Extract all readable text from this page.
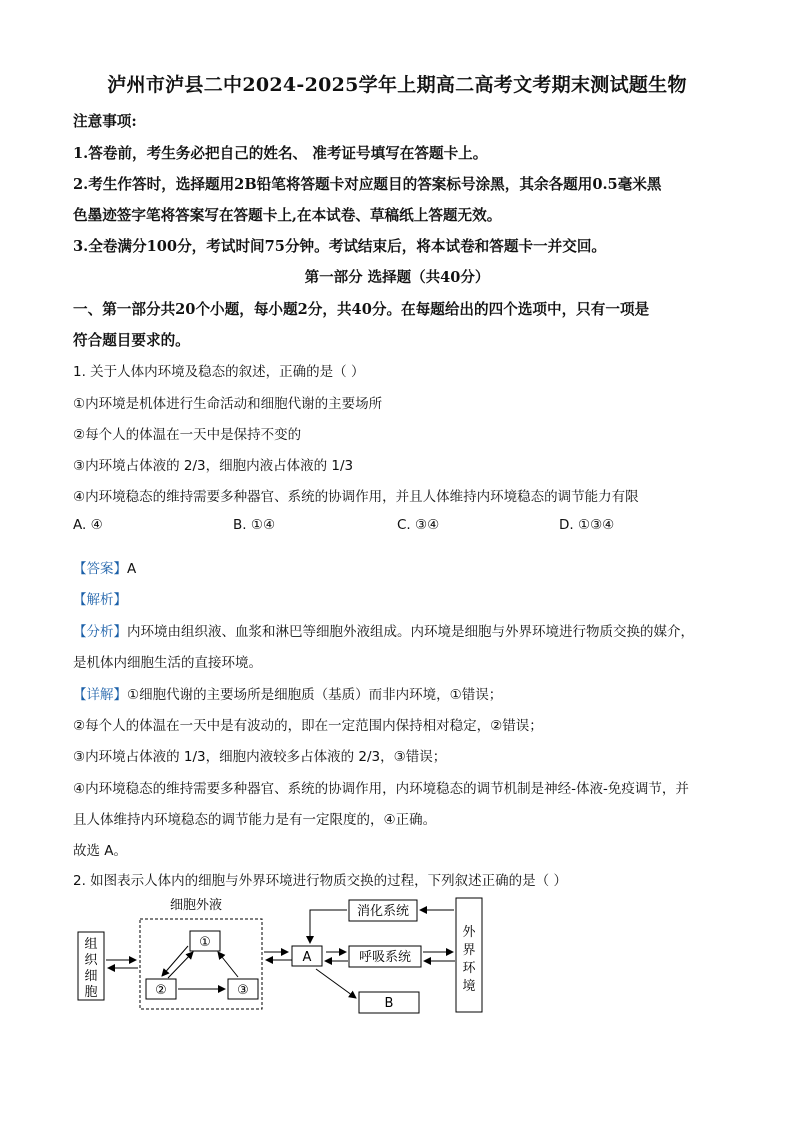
泸州市泸县二中2024-2025学年上期高二高考文考期末测试题生物
注意事项:
1.答卷前，考生务必把自己的姓名、 准考证号填写在答题卡上。
2.考生作答时，选择题用2B铅笔将答题卡对应题目的答案标号涂黑，其余各题用0.5毫米黑
色墨迹签字笔将答案写在答题卡上,在本试卷、草稿纸上答题无效。
3.全卷满分100分，考试时间75分钟。考试结束后，将本试卷和答题卡一并交回。
第一部分 选择题（共40分）
一、第一部分共20个小题，每小题2分，共40分。在每题给出的四个选项中，只有一项是
符合题目要求的。
1. 关于人体内环境及稳态的叙述，正确的是（ ）
①内环境是机体进行生命活动和细胞代谢的主要场所
②每个人的体温在一天中是保持不变的
③内环境占体液的 2/3，细胞内液占体液的 1/3
④内环境稳态的维持需要多种器官、系统的协调作用，并且人体维持内环境稳态的调节能力有限
A. ④	B. ①④	C. ③④	D. ①③④
【答案】A
【解析】
【分析】内环境由组织液、血浆和淋巴等细胞外液组成。内环境是细胞与外界环境进行物质交换的媒介，
是机体内细胞生活的直接环境。
【详解】①细胞代谢的主要场所是细胞质（基质）而非内环境，①错误；
②每个人的体温在一天中是有波动的，即在一定范围内保持相对稳定，②错误；
③内环境占体液的 1/3，细胞内液较多占体液的 2/3，③错误；
④内环境稳态的维持需要多种器官、系统的协调作用，内环境稳态的调节机制是神经-体液-免疫调节，并
且人体维持内环境稳态的调节能力是有一定限度的，④正确。
故选 A。
2. 如图表示人体内的细胞与外界环境进行物质交换的过程，下列叙述正确的是（ ）
细胞外液
组
织
细
胞
①
②	③
A
消化系统
呼吸系统
B
外
界
环
境
